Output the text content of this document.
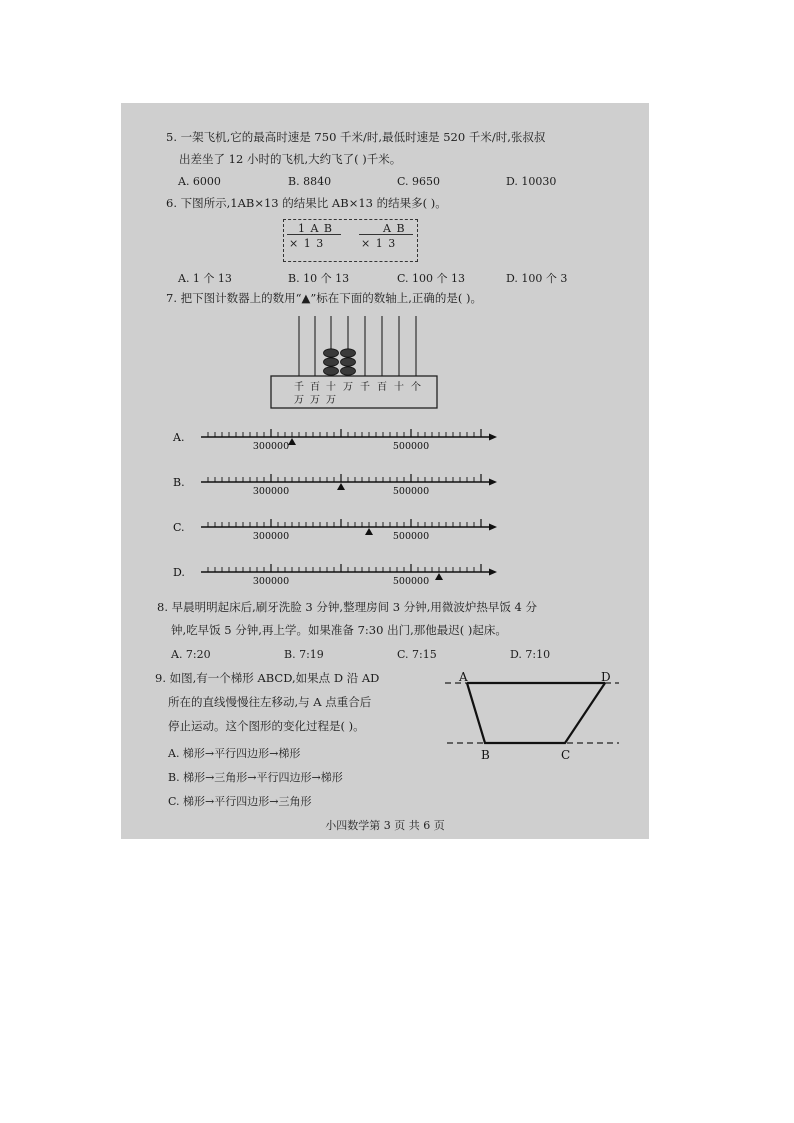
5. 一架飞机,它的最高时速是 750 千米/时,最低时速是 520 千米/时,张叔叔
出差坐了 12 小时的飞机,大约飞了( )千米。
A. 6000	B. 8840	C. 9650	D. 10030
6. 下图所示,1AB×13 的结果比 AB×13 的结果多( )。
1 A B
× 1 3
A B
× 1 3
A. 1 个 13	B. 10 个 13	C. 100 个 13	D. 100 个 3
7. 把下图计数器上的数用“▲”标在下面的数轴上,正确的是( )。
千
万
百
万
十
万
万 千 百 十 个
A.
300000	500000
B.
300000	500000
C.
300000	500000
D.
300000	500000
8. 早晨明明起床后,刷牙洗脸 3 分钟,整理房间 3 分钟,用微波炉热早饭 4 分
钟,吃早饭 5 分钟,再上学。如果准备 7:30 出门,那他最迟( )起床。
A. 7:20	B. 7:19	C. 7:15	D. 7:10
9. 如图,有一个梯形 ABCD,如果点 D 沿 AD
所在的直线慢慢往左移动,与 A 点重合后
停止运动。这个图形的变化过程是( )。
A. 梯形→平行四边形→梯形
B. 梯形→三角形→平行四边形→梯形
C. 梯形→平行四边形→三角形
A	D
B	C
小四数学第 3 页 共 6 页
